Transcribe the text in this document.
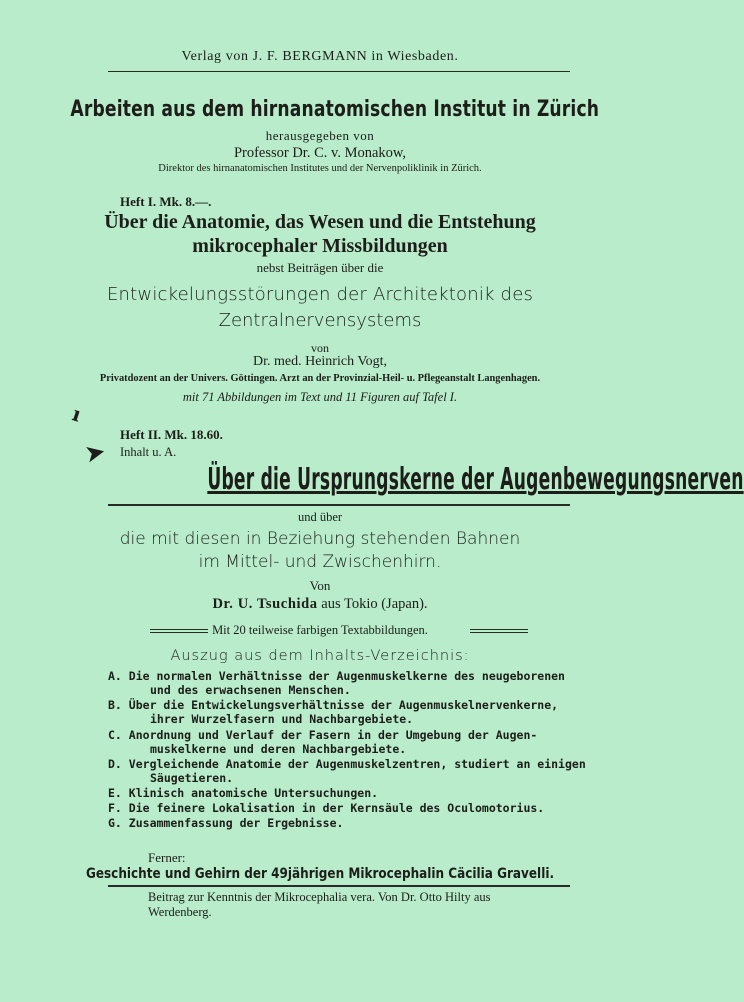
Verlag von J. F. BERGMANN in Wiesbaden.
Arbeiten aus dem hirnanatomischen Institut in Zürich
herausgegeben von
Professor Dr. C. v. Monakow,
Direktor des hirnanatomischen Institutes und der Nervenpoliklinik in Zürich.
Heft I. Mk. 8.—.
Über die Anatomie, das Wesen und die Entstehung
mikrocephaler Missbildungen
nebst Beiträgen über die
Entwickelungsstörungen der Architektonik des
Zentralnervensystems
von
Dr. med. Heinrich Vogt,
Privatdozent an der Univers. Göttingen. Arzt an der Provinzial-Heil- u. Pflegeanstalt Langenhagen.
mit 71 Abbildungen im Text und 11 Figuren auf Tafel I.
ı
➤
Heft II. Mk. 18.60.
Inhalt u. A.
Über die Ursprungskerne der Augenbewegungsnerven
und über
die mit diesen in Beziehung stehenden Bahnen
im Mittel- und Zwischenhirn.
Von
Dr. U. Tsuchida aus Tokio (Japan).
Mit 20 teilweise farbigen Textabbildungen.
Auszug aus dem Inhalts-Verzeichnis:
A. Die normalen Verhältnisse der Augenmuskelkerne des neugeborenen
und des erwachsenen Menschen.
B. Über die Entwickelungsverhältnisse der Augenmuskelnervenkerne,
ihrer Wurzelfasern und Nachbargebiete.
C. Anordnung und Verlauf der Fasern in der Umgebung der Augen-
muskelkerne und deren Nachbargebiete.
D. Vergleichende Anatomie der Augenmuskelzentren, studiert an einigen
Säugetieren.
E. Klinisch anatomische Untersuchungen.
F. Die feinere Lokalisation in der Kernsäule des Oculomotorius.
G. Zusammenfassung der Ergebnisse.
Ferner:
Geschichte und Gehirn der 49jährigen Mikrocephalin Cäcilia Gravelli.
Beitrag zur Kenntnis der Mikrocephalia vera. Von Dr. Otto Hilty aus
Werdenberg.
